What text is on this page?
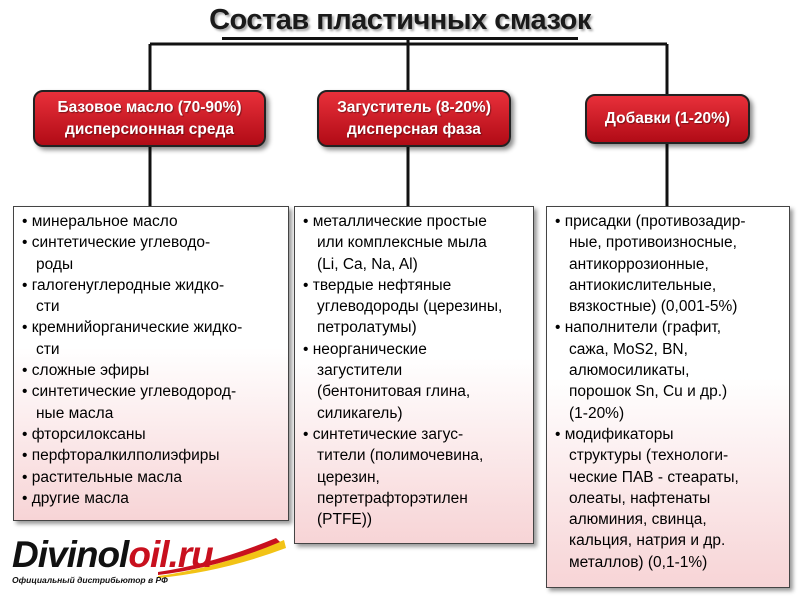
Состав пластичных смазок
Базовое масло (70-90%)
дисперсионная среда
Загуститель (8-20%)
дисперсная фаза
Добавки (1-20%)
• минеральное масло
• синтетические углеводо-
роды
• галогенуглеродные жидко-
сти
• кремнийорганические жидко-
сти
• сложные эфиры
• синтетические углеводород-
ные масла
• фторсилоксаны
• перфторалкилполиэфиры
• растительные масла
• другие масла
• металлические простые
или комплексные мыла
(Li, Ca, Na, Al)
• твердые нефтяные
углеводороды (церезины,
петролатумы)
• неорганические
загустители
(бентонитовая глина,
силикагель)
• синтетические загус-
тители (полимочевина,
церезин,
пертетрафторэтилен
(PTFE))
• присадки (противозадир-
ные, противоизносные,
антикоррозионные,
антиокислительные,
вязкостные) (0,001-5%)
• наполнители (графит,
сажа, MoS2, BN,
алюмосиликаты,
порошок Sn, Cu и др.)
(1-20%)
• модификаторы
структуры (технологи-
ческие ПАВ - стеараты,
олеаты, нафтенаты
алюминия, свинца,
кальция, натрия и др.
металлов) (0,1-1%)
Divinoloil.ru
Официальный дистрибьютор в РФ
